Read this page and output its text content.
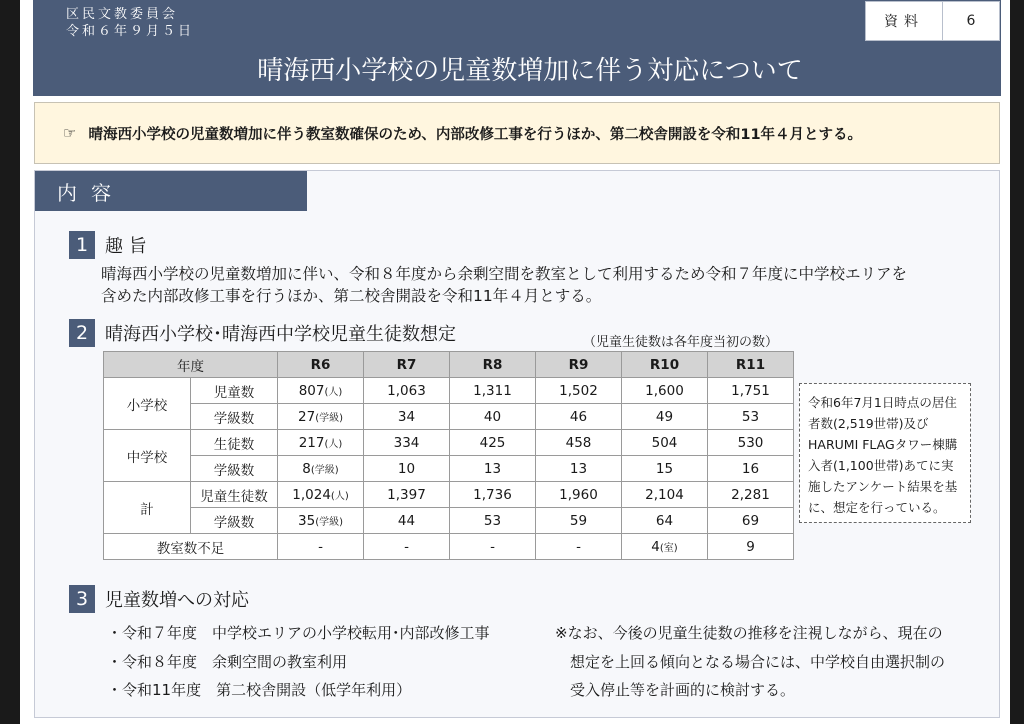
区民文教委員会
令和６年９月５日
晴海西小学校の児童数増加に伴う対応について
資料	6
☞ 晴海西小学校の児童数増加に伴う教室数確保のため、内部改修工事を行うほか、第二校舎開設を令和11年４月とする。
内容
1 趣 旨
晴海西小学校の児童数増加に伴い、令和８年度から余剰空間を教室として利用するため令和７年度に中学校エリアを
含めた内部改修工事を行うほか、第二校舎開設を令和11年４月とする。
2 晴海西小学校･晴海西中学校児童生徒数想定	（児童生徒数は各年度当初の数）
年度		R6	R7	R8	R9	R10	R11
小学校	児童数	807(人)	1,063	1,311	1,502	1,600	1,751
	学級数	27(学級)	34	40	46	49	53
中学校	生徒数	217(人)	334	425	458	504	530
	学級数	8(学級)	10	13	13	15	16
計	児童生徒数	1,024(人)	1,397	1,736	1,960	2,104	2,281
	学級数	35(学級)	44	53	59	64	69
教室数不足		-	-	-	-	4(室)	9
令和6年7月1日時点の居住者数(2,519世帯)及びHARUMI FLAGタワー棟購入者(1,100世帯)あてに実施したアンケート結果を基に、想定を行っている。
3 児童数増への対応
・令和７年度　中学校エリアの小学校転用･内部改修工事
・令和８年度　余剰空間の教室利用
・令和11年度　第二校舎開設（低学年利用）
※なお、今後の児童生徒数の推移を注視しながら、現在の
　想定を上回る傾向となる場合には、中学校自由選択制の
　受入停止等を計画的に検討する。
